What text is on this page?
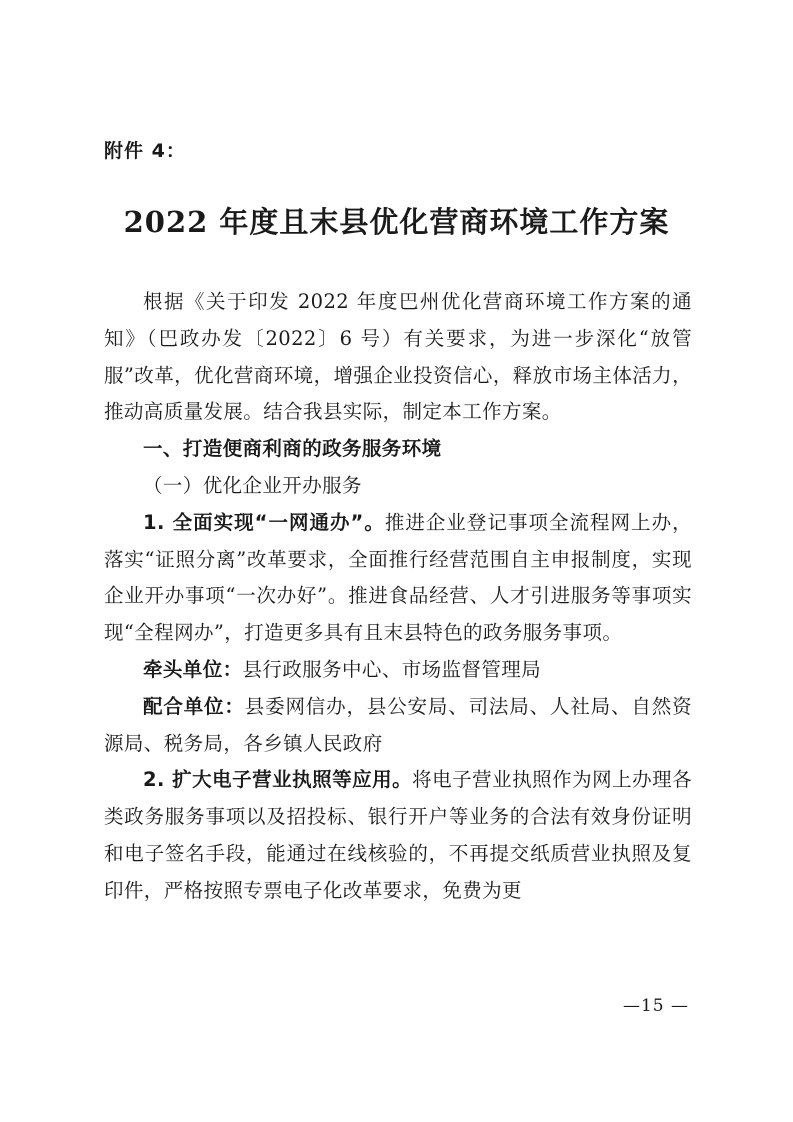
附件 4：
2022 年度且末县优化营商环境工作方案

根据《关于印发 2022 年度巴州优化营商环境工作方案的通知》（巴政办发〔2022〕6 号）有关要求，为进一步深化“放管服”改革，优化营商环境，增强企业投资信心，释放市场主体活力，推动高质量发展。结合我县实际，制定本工作方案。

一、打造便商利商的政务服务环境

（一）优化企业开办服务

1. 全面实现“一网通办”。推进企业登记事项全流程网上办，落实“证照分离”改革要求，全面推行经营范围自主申报制度，实现企业开办事项“一次办好”。推进食品经营、人才引进服务等事项实现“全程网办”，打造更多具有且末县特色的政务服务事项。

牵头单位：县行政服务中心、市场监督管理局

配合单位：县委网信办，县公安局、司法局、人社局、自然资源局、税务局，各乡镇人民政府

2. 扩大电子营业执照等应用。将电子营业执照作为网上办理各类政务服务事项以及招投标、银行开户等业务的合法有效身份证明和电子签名手段，能通过在线核验的，不再提交纸质营业执照及复印件，严格按照专票电子化改革要求，免费为更

—15 —
